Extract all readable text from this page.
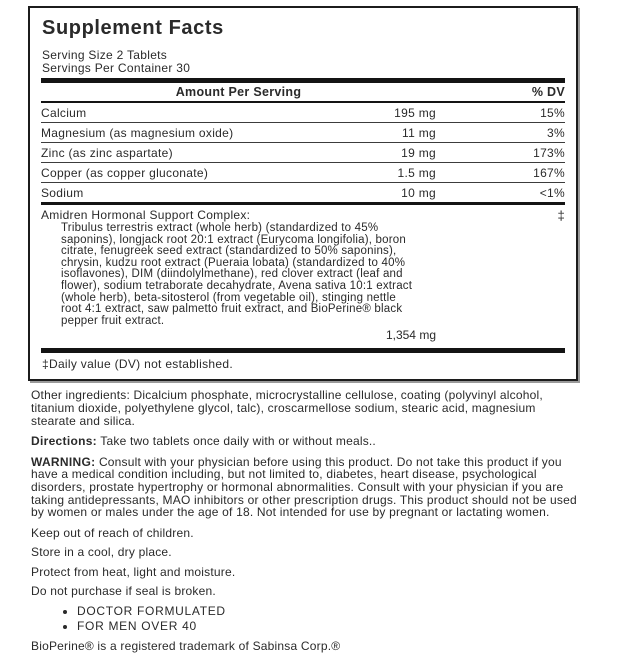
Supplement Facts
Serving Size 2 Tablets
Servings Per Container 30
Amount Per Serving	% DV
Calcium	195 mg	15%
Magnesium (as magnesium oxide)	11 mg	3%
Zinc (as zinc aspartate)	19 mg	173%
Copper (as copper gluconate)	1.5 mg	167%
Sodium	10 mg	<1%
Amidren Hormonal Support Complex:	‡
Tribulus terrestris extract (whole herb) (standardized to 45% saponins), longjack root 20:1 extract (Eurycoma longifolia), boron citrate, fenugreek seed extract (standardized to 50% saponins), chrysin, kudzu root extract (Pueraia lobata) (standardized to 40% isoflavones), DIM (diindolylmethane), red clover extract (leaf and flower), sodium tetraborate decahydrate, Avena sativa 10:1 extract (whole herb), beta-sitosterol (from vegetable oil), stinging nettle root 4:1 extract, saw palmetto fruit extract, and BioPerine® black pepper fruit extract.
1,354 mg
‡Daily value (DV) not established.

Other ingredients: Dicalcium phosphate, microcrystalline cellulose, coating (polyvinyl alcohol, titanium dioxide, polyethylene glycol, talc), croscarmellose sodium, stearic acid, magnesium stearate and silica.

Directions: Take two tablets once daily with or without meals..

WARNING: Consult with your physician before using this product. Do not take this product if you have a medical condition including, but not limited to, diabetes, heart disease, psychological disorders, prostate hypertrophy or hormonal abnormalities. Consult with your physician if you are taking antidepressants, MAO inhibitors or other prescription drugs. This product should not be used by women or males under the age of 18. Not intended for use by pregnant or lactating women.

Keep out of reach of children.

Store in a cool, dry place.

Protect from heat, light and moisture.

Do not purchase if seal is broken.

• DOCTOR FORMULATED
• FOR MEN OVER 40

BioPerine® is a registered trademark of Sabinsa Corp.®
